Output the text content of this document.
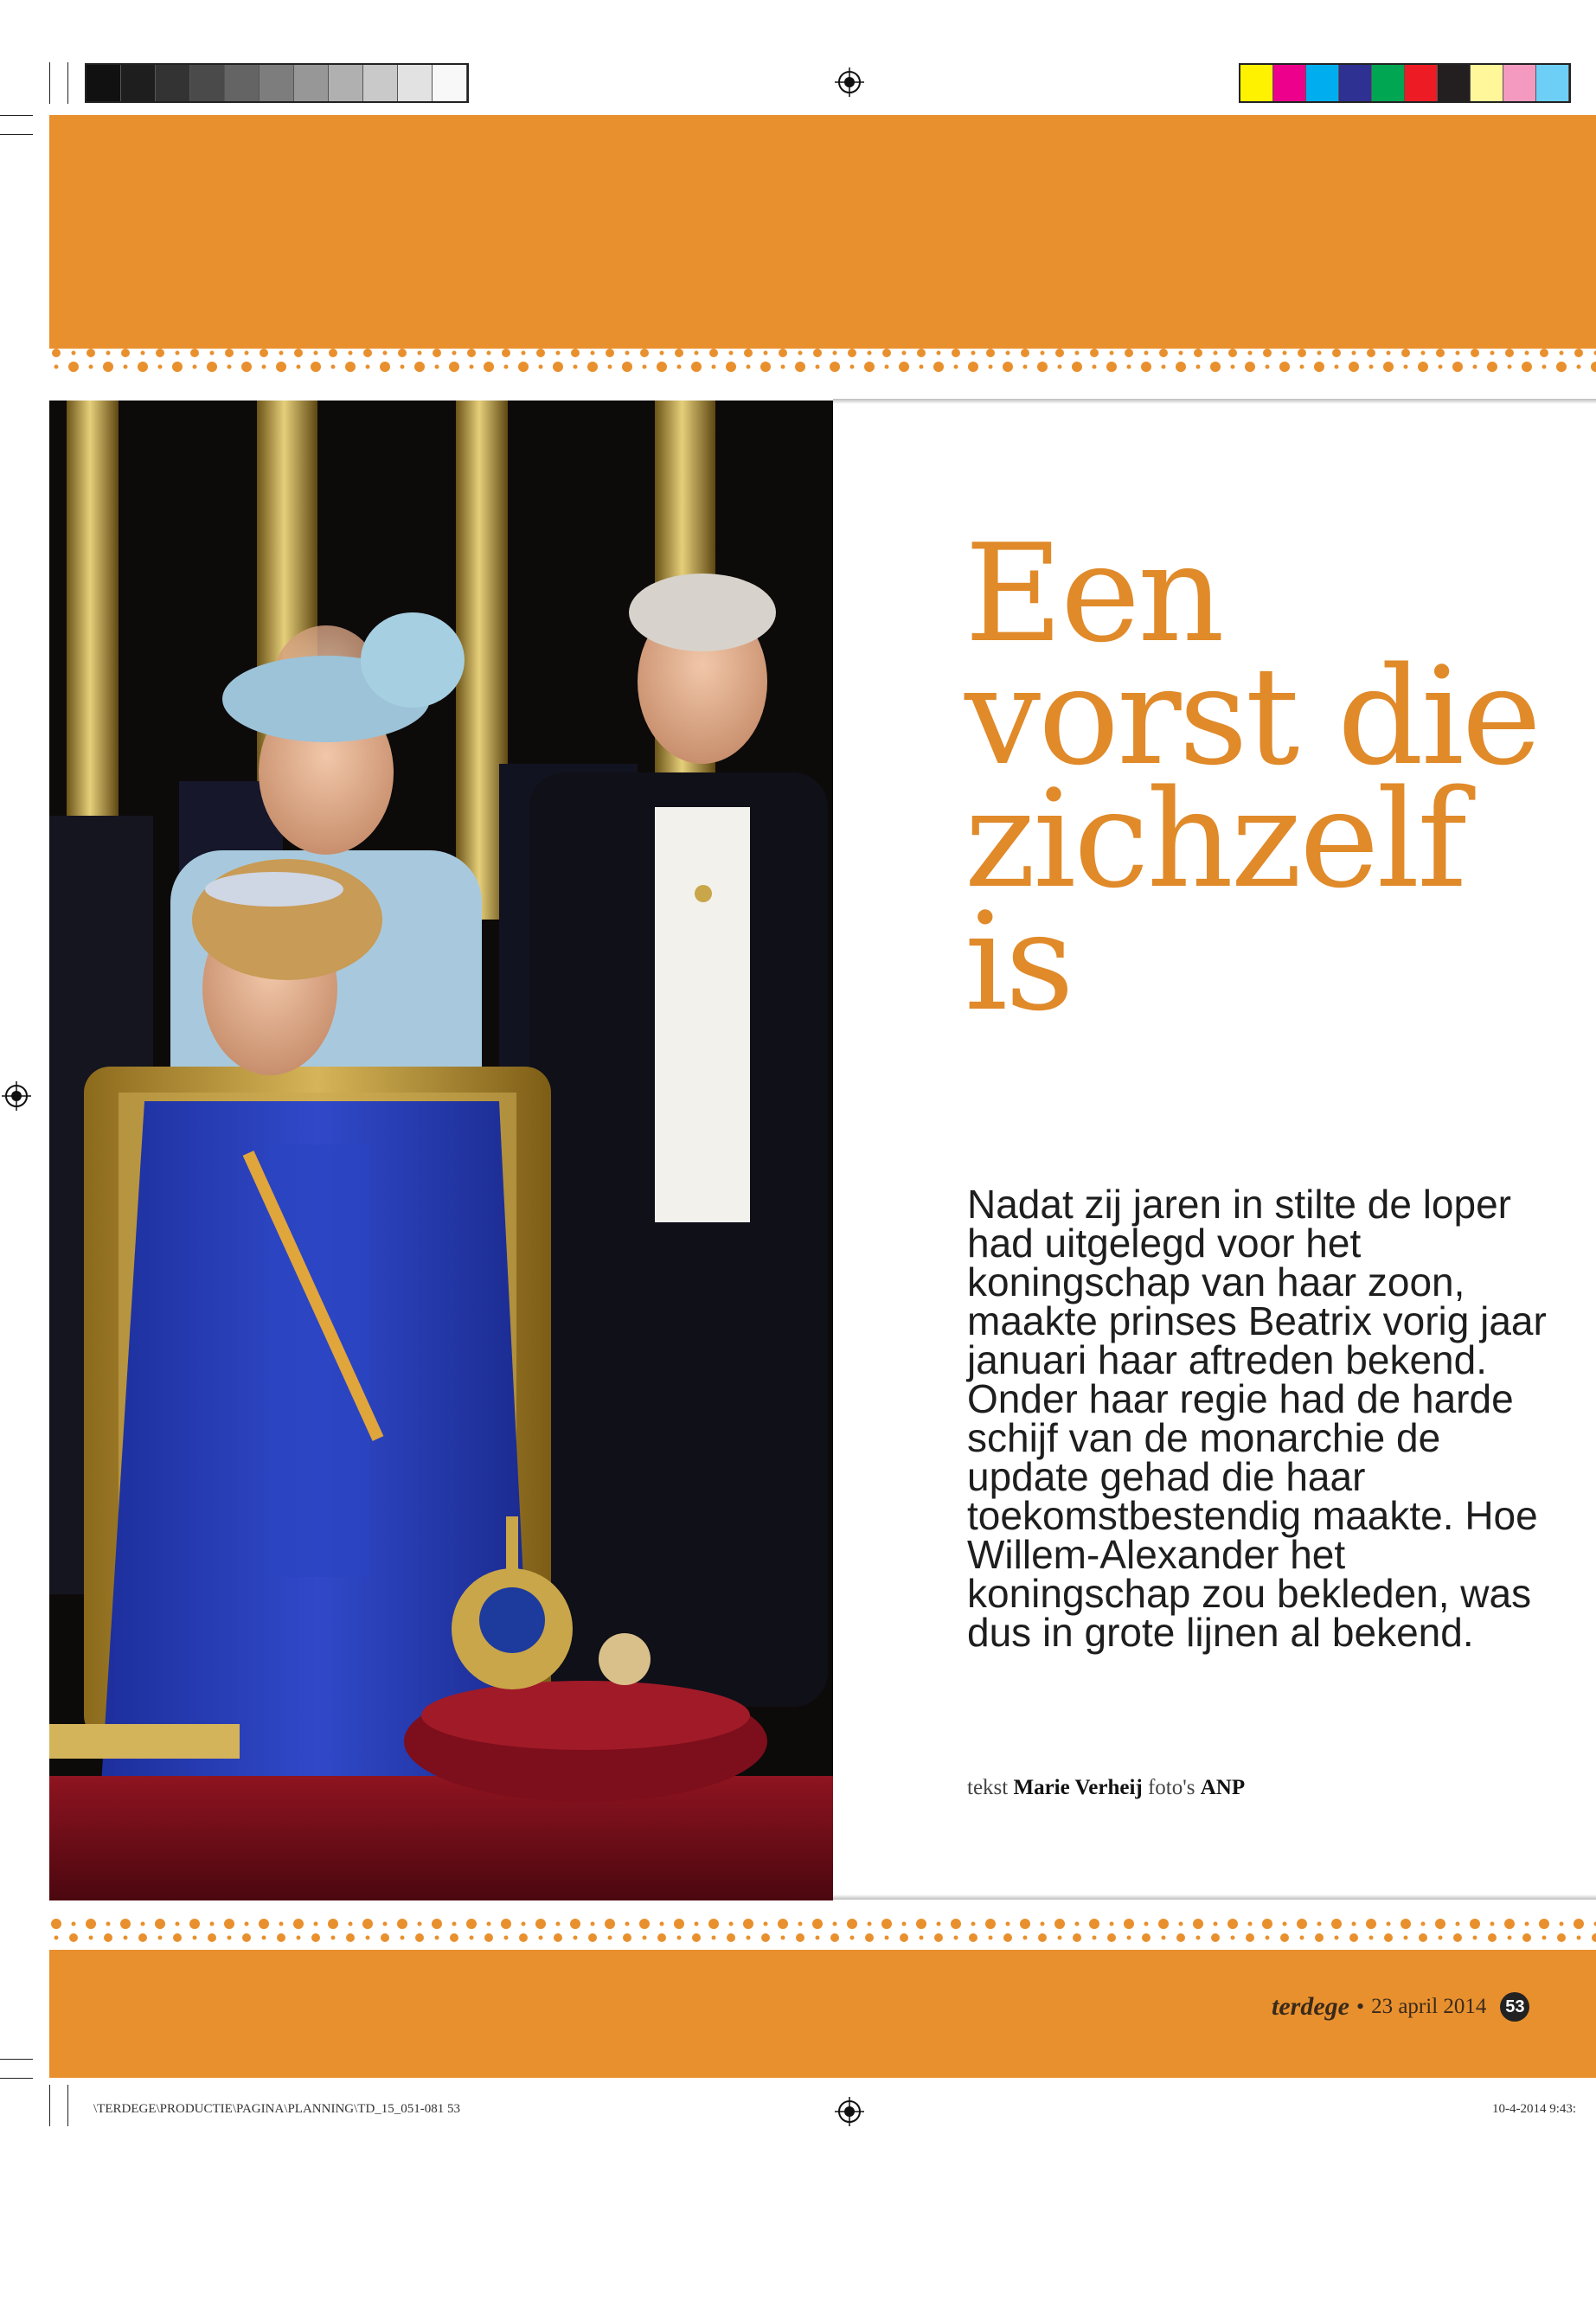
Een
vorst die
zichzelf
is

Nadat zij jaren in stilte de loper had uitgelegd voor het koningschap van haar zoon, maakte prinses Beatrix vorig jaar januari haar aftreden bekend. Onder haar regie had de harde schijf van de monarchie de update gehad die haar toekomstbestendig maakte. Hoe Willem-Alexander het koningschap zou bekleden, was dus in grote lijnen al bekend.

tekst Marie Verheij foto's ANP
terdege • 23 april 2014 53
\TERDEGE\PRODUCTIE\PAGINA\PLANNING\TD_15_051-081 53	10-4-2014 9:43:
